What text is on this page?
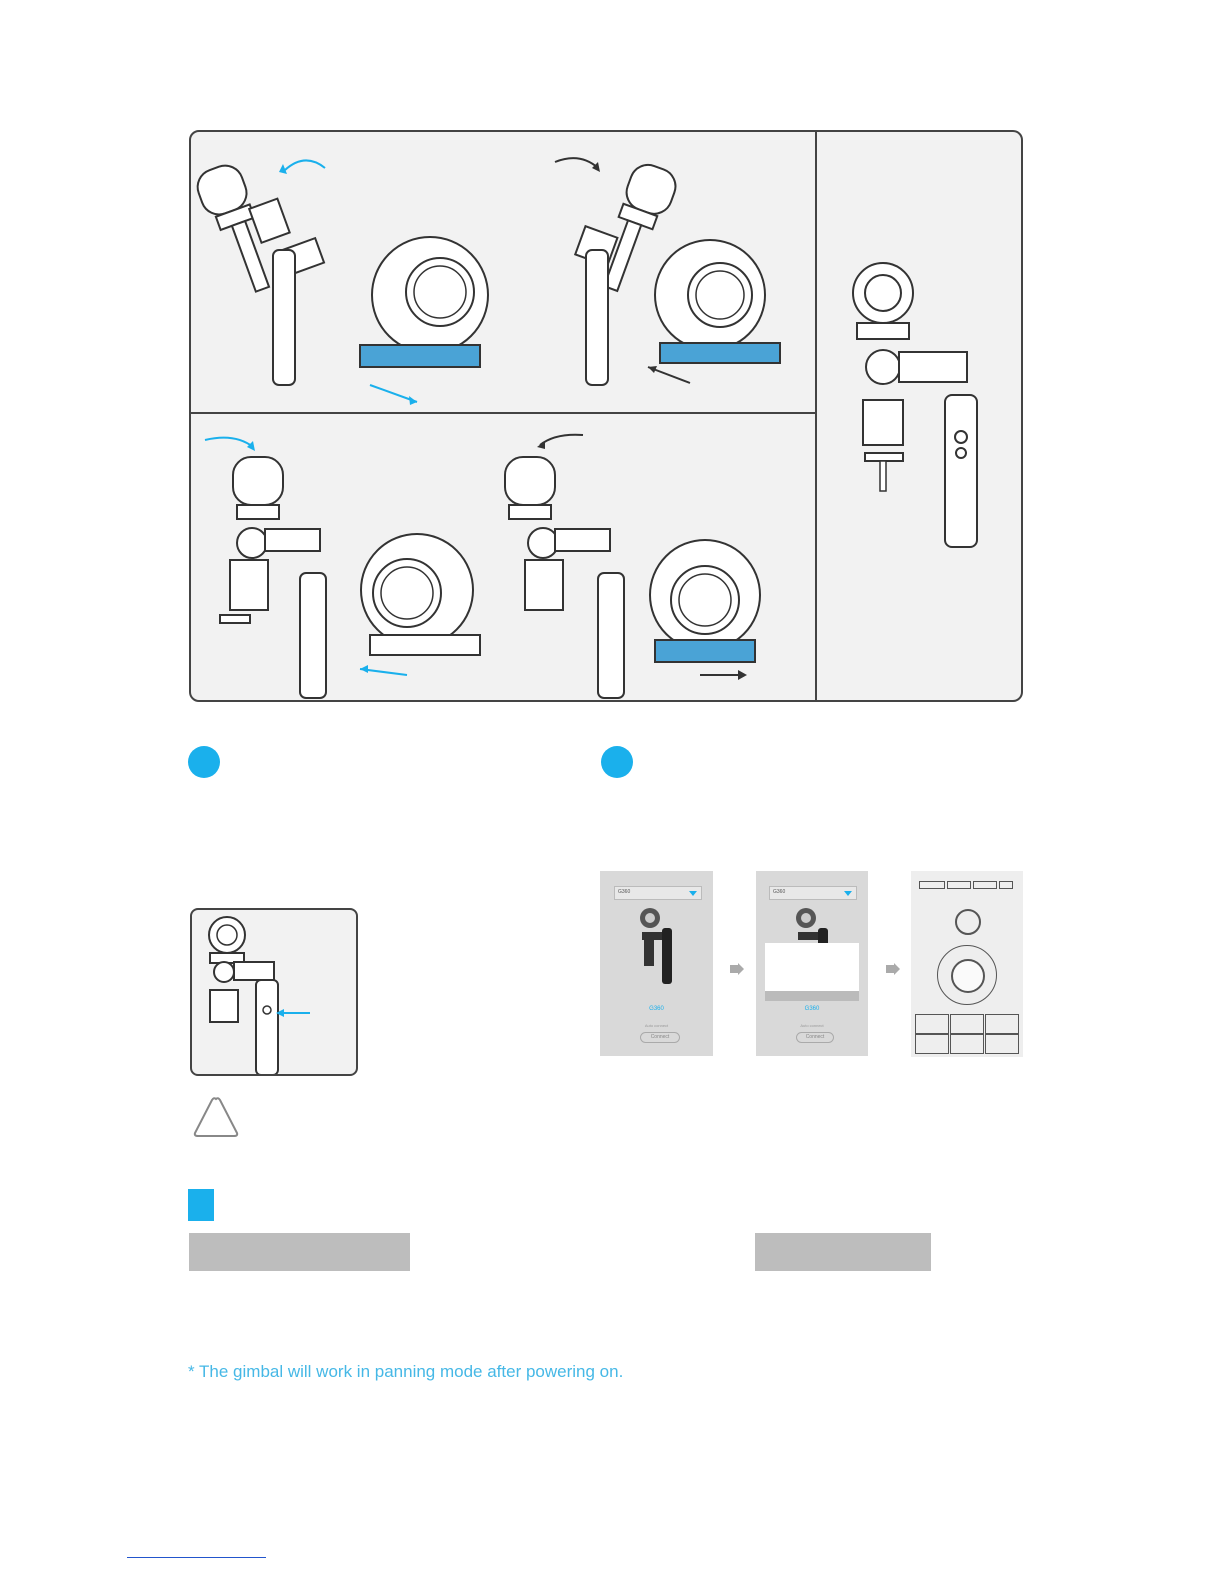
G360
G360
Auto connect
Connect
G360
G360
Auto connect
Connect
* The gimbal will work in panning mode after powering on.
